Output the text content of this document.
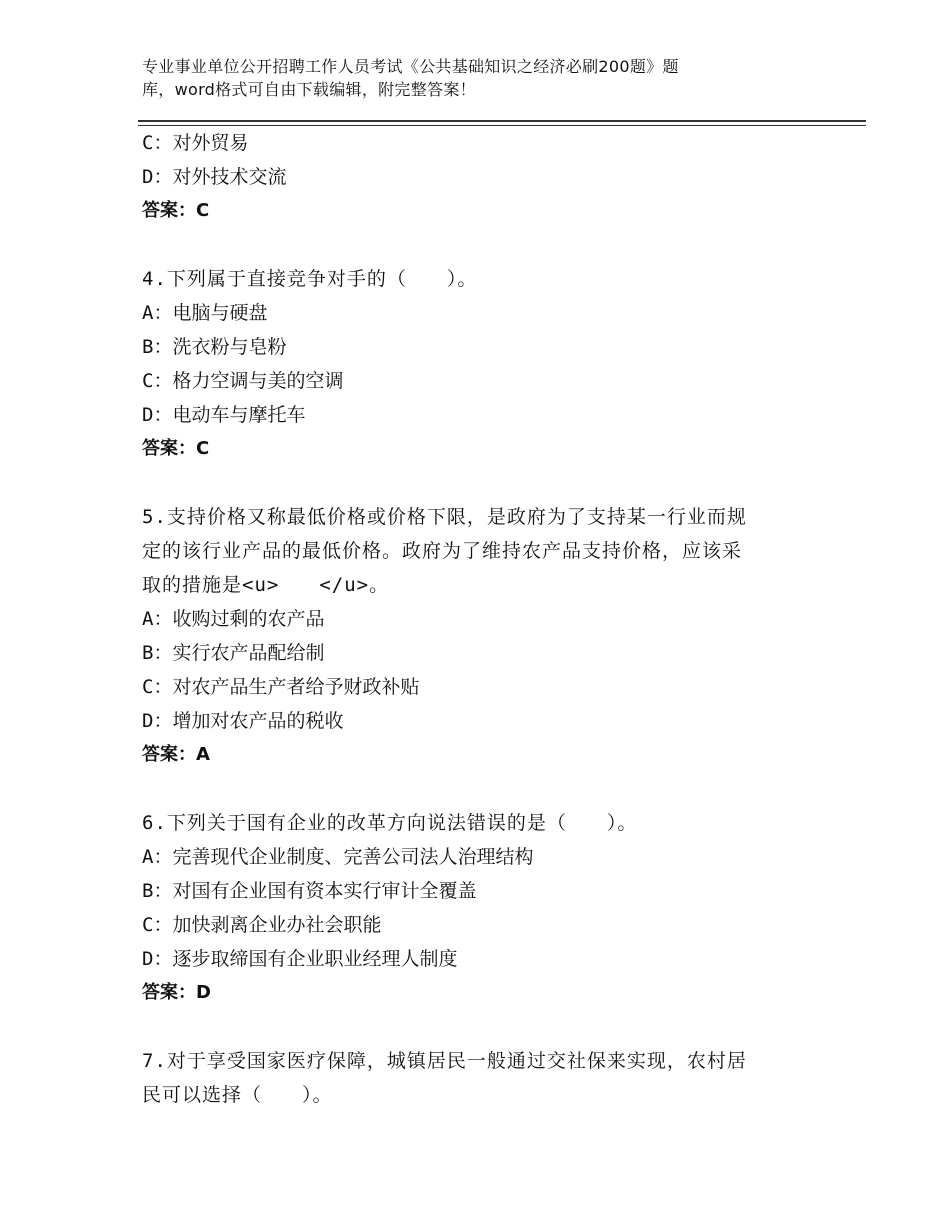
专业事业单位公开招聘工作人员考试《公共基础知识之经济必刷200题》题
库，word格式可自由下载编辑，附完整答案！
C：对外贸易
D：对外技术交流
答案：C
4.下列属于直接竞争对手的（　　）。
A：电脑与硬盘
B：洗衣粉与皂粉
C：格力空调与美的空调
D：电动车与摩托车
答案：C
5.支持价格又称最低价格或价格下限，是政府为了支持某一行业而规
定的该行业产品的最低价格。政府为了维持农产品支持价格，应该采
取的措施是<u>　　</u>。
A：收购过剩的农产品
B：实行农产品配给制
C：对农产品生产者给予财政补贴
D：增加对农产品的税收
答案：A
6.下列关于国有企业的改革方向说法错误的是（　　）。
A：完善现代企业制度、完善公司法人治理结构
B：对国有企业国有资本实行审计全覆盖
C：加快剥离企业办社会职能
D：逐步取缔国有企业职业经理人制度
答案：D
7.对于享受国家医疗保障，城镇居民一般通过交社保来实现，农村居
民可以选择（　　）。
